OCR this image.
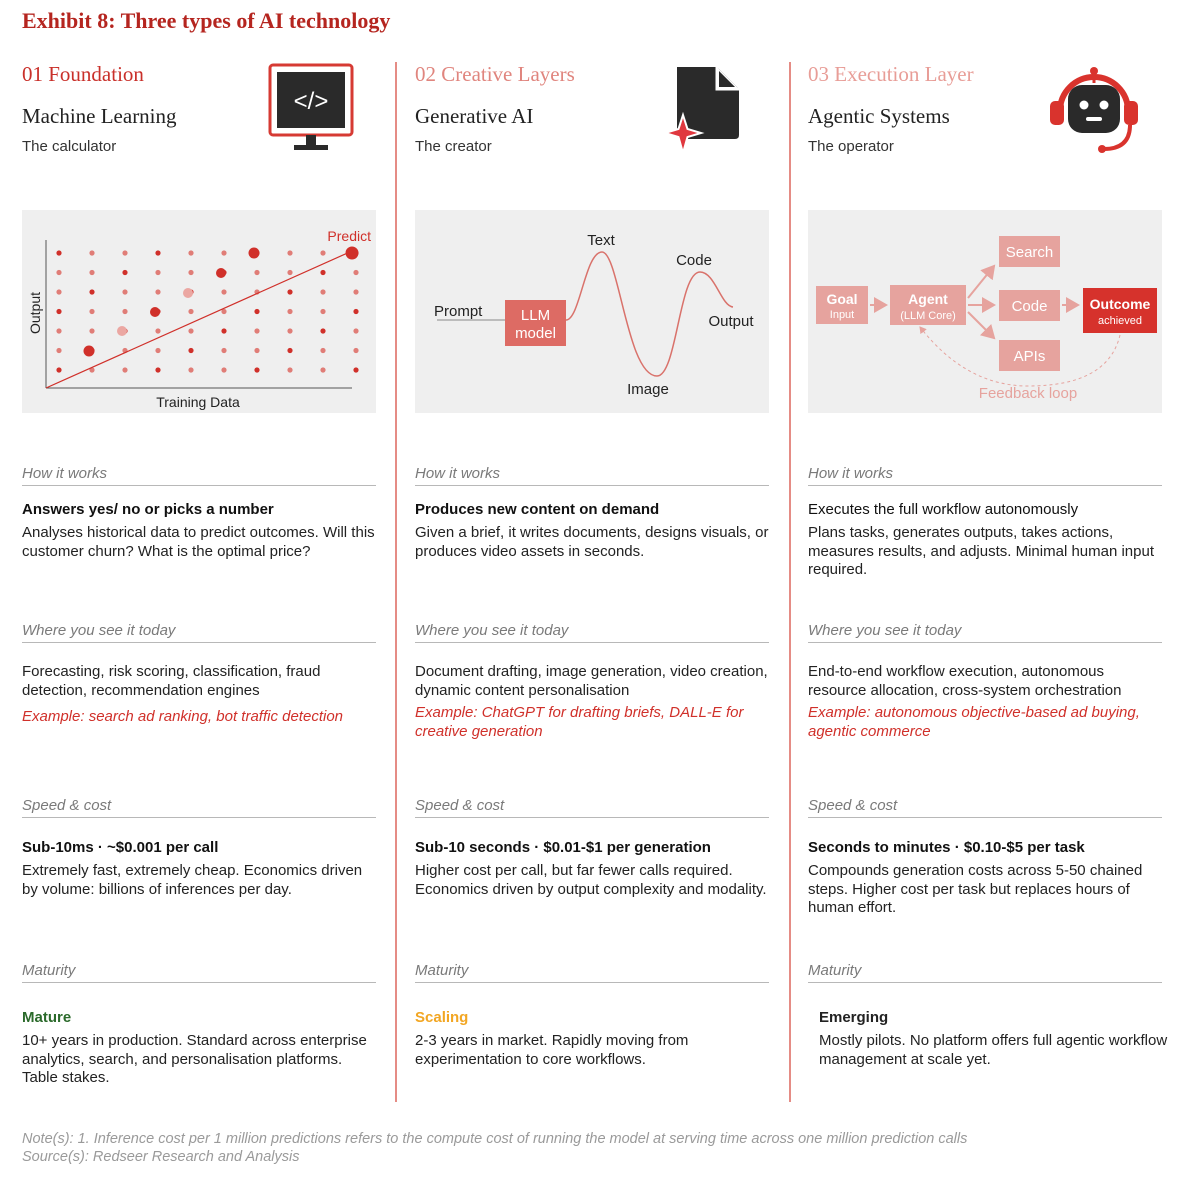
Exhibit 8: Three types of AI technology
01 Foundation
Machine Learning
The calculator
</>
Predict
Training Data
Output
How it works
Answers yes/ no or picks a number
Analyses historical data to predict outcomes. Will this customer churn? What is the optimal price?
Where you see it today
Forecasting, risk scoring, classification, fraud detection, recommendation engines
Example: search ad ranking, bot traffic detection
Speed & cost
Sub-10ms · ~$0.001 per call
Extremely fast, extremely cheap. Economics driven by volume: billions of inferences per day.
Maturity
Mature
10+ years in production. Standard across enterprise analytics, search, and personalisation platforms. Table stakes.
02 Creative Layers
Generative AI
The creator
Prompt	LLM
model
Text
Code
Output
Image
How it works
Produces new content on demand
Given a brief, it writes documents, designs visuals, or produces video assets in seconds.
Where you see it today
Document drafting, image generation, video creation, dynamic content personalisation
Example: ChatGPT for drafting briefs, DALL-E for creative generation
Speed & cost
Sub-10 seconds · $0.01-$1 per generation
Higher cost per call, but far fewer calls required. Economics driven by output complexity and modality.
Maturity
Scaling
2-3 years in market. Rapidly moving from experimentation to core workflows.
03 Execution Layer
Agentic Systems
The operator
Goal
Input
Agent
(LLM Core)
Search
Code
APIs
Outcome
achieved
Feedback loop
How it works
Executes the full workflow autonomously
Plans tasks, generates outputs, takes actions, measures results, and adjusts. Minimal human input required.
Where you see it today
End-to-end workflow execution, autonomous resource allocation, cross-system orchestration
Example: autonomous objective-based ad buying, agentic commerce
Speed & cost
Seconds to minutes · $0.10-$5 per task
Compounds generation costs across 5-50 chained steps. Higher cost per task but replaces hours of human effort.
Maturity
Emerging
Mostly pilots. No platform offers full agentic workflow management at scale yet.
Note(s): 1. Inference cost per 1 million predictions refers to the compute cost of running the model at serving time across one million prediction calls
Source(s): Redseer Research and Analysis
